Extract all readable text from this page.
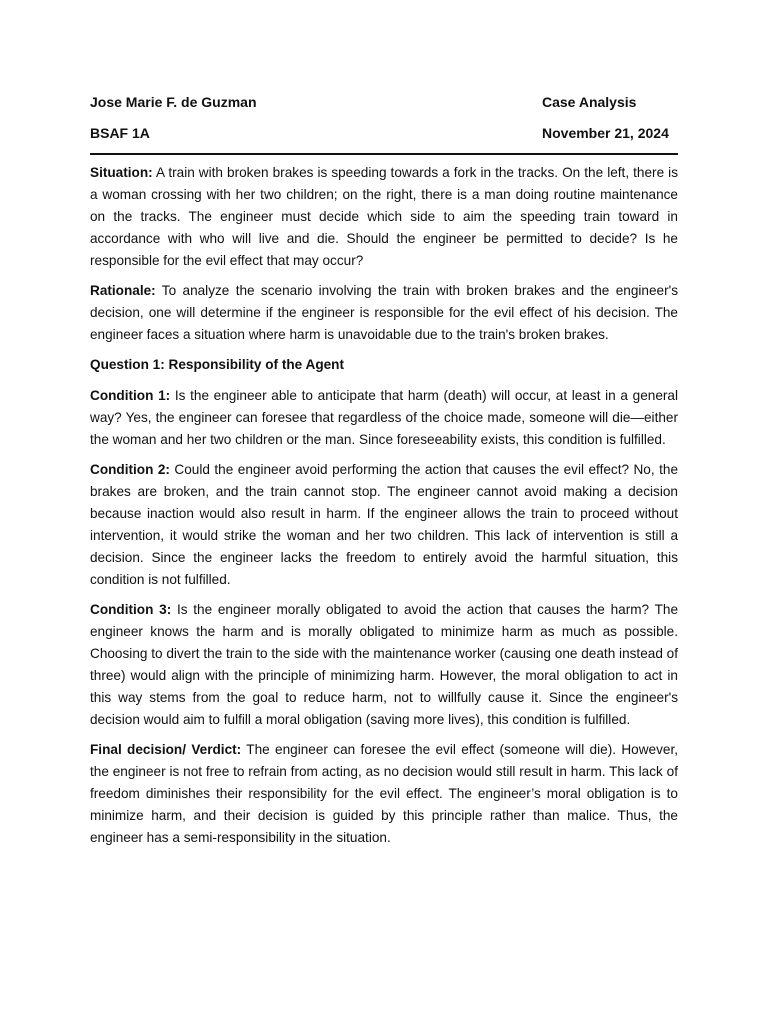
Jose Marie F. de Guzman	Case Analysis
BSAF 1A	November 21, 2024

Situation: A train with broken brakes is speeding towards a fork in the tracks. On the left, there is a woman crossing with her two children; on the right, there is a man doing routine maintenance on the tracks. The engineer must decide which side to aim the speeding train toward in accordance with who will live and die. Should the engineer be permitted to decide? Is he responsible for the evil effect that may occur?

Rationale: To analyze the scenario involving the train with broken brakes and the engineer's decision, one will determine if the engineer is responsible for the evil effect of his decision. The engineer faces a situation where harm is unavoidable due to the train's broken brakes.

Question 1: Responsibility of the Agent

Condition 1: Is the engineer able to anticipate that harm (death) will occur, at least in a general way? Yes, the engineer can foresee that regardless of the choice made, someone will die—either the woman and her two children or the man. Since foreseeability exists, this condition is fulfilled.

Condition 2: Could the engineer avoid performing the action that causes the evil effect? No, the brakes are broken, and the train cannot stop. The engineer cannot avoid making a decision because inaction would also result in harm. If the engineer allows the train to proceed without intervention, it would strike the woman and her two children. This lack of intervention is still a decision. Since the engineer lacks the freedom to entirely avoid the harmful situation, this condition is not fulfilled.

Condition 3: Is the engineer morally obligated to avoid the action that causes the harm? The engineer knows the harm and is morally obligated to minimize harm as much as possible. Choosing to divert the train to the side with the maintenance worker (causing one death instead of three) would align with the principle of minimizing harm. However, the moral obligation to act in this way stems from the goal to reduce harm, not to willfully cause it. Since the engineer's decision would aim to fulfill a moral obligation (saving more lives), this condition is fulfilled.

Final decision/ Verdict: The engineer can foresee the evil effect (someone will die). However, the engineer is not free to refrain from acting, as no decision would still result in harm. This lack of freedom diminishes their responsibility for the evil effect. The engineer’s moral obligation is to minimize harm, and their decision is guided by this principle rather than malice. Thus, the engineer has a semi-responsibility in the situation.
